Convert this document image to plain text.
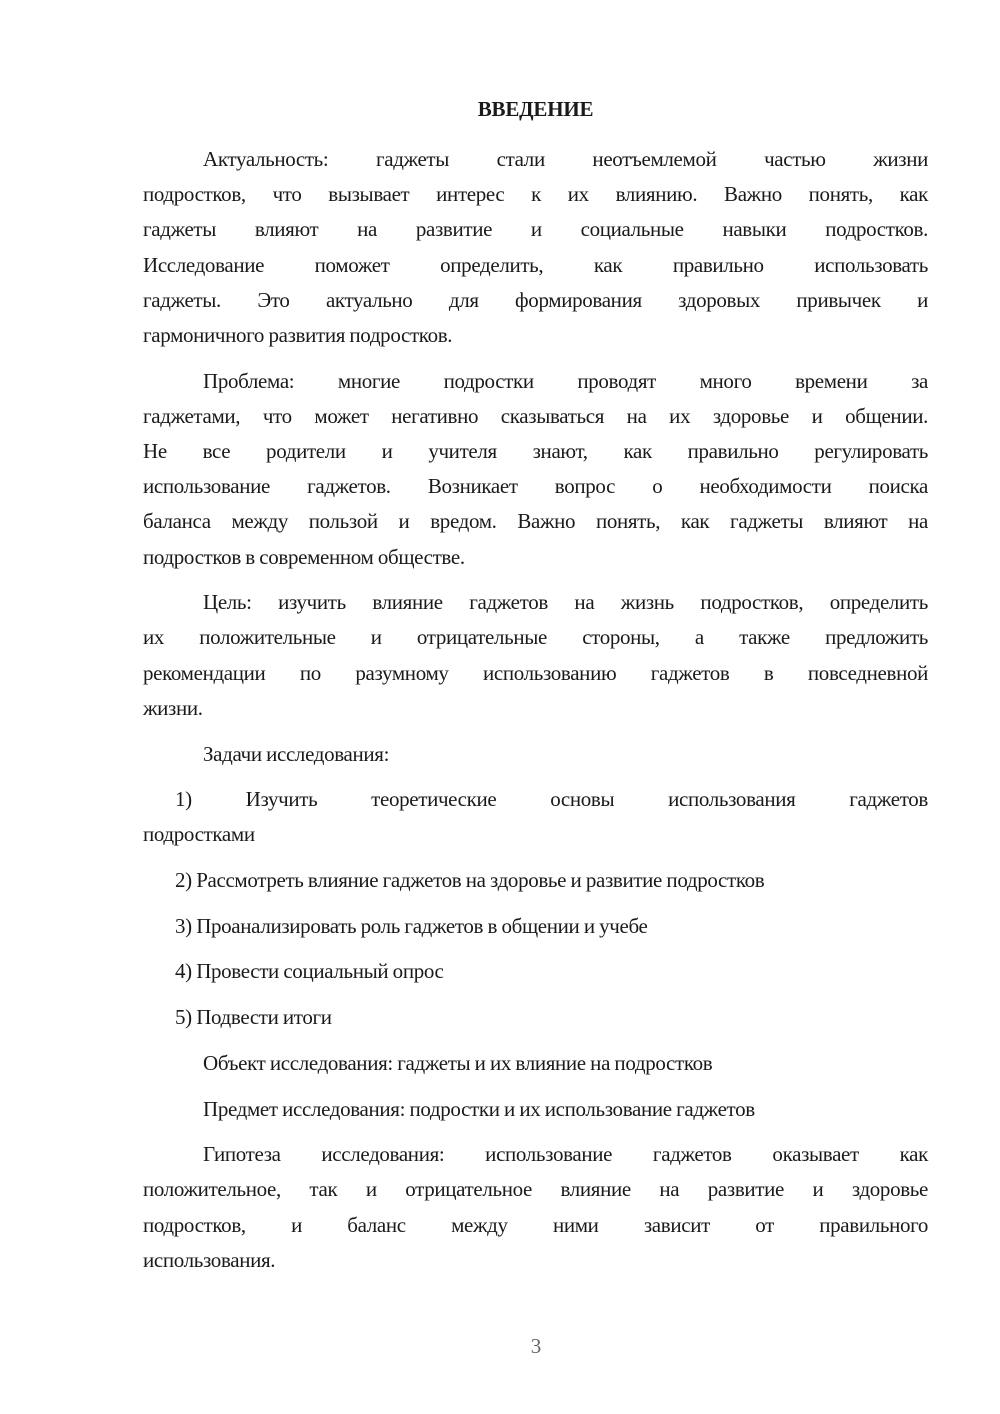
ВВЕДЕНИЕ
Актуальность: гаджеты стали неотъемлемой частью жизни
подростков, что вызывает интерес к их влиянию. Важно понять, как
гаджеты влияют на развитие и социальные навыки подростков.
Исследование поможет определить, как правильно использовать
гаджеты. Это актуально для формирования здоровых привычек и
гармоничного развития подростков.
Проблема: многие подростки проводят много времени за
гаджетами, что может негативно сказываться на их здоровье и общении.
Не все родители и учителя знают, как правильно регулировать
использование гаджетов. Возникает вопрос о необходимости поиска
баланса между пользой и вредом. Важно понять, как гаджеты влияют на
подростков в современном обществе.
Цель: изучить влияние гаджетов на жизнь подростков, определить
их положительные и отрицательные стороны, а также предложить
рекомендации по разумному использованию гаджетов в повседневной
жизни.
Задачи исследования:
1) Изучить теоретические основы использования гаджетов
подростками
2) Рассмотреть влияние гаджетов на здоровье и развитие подростков
3) Проанализировать роль гаджетов в общении и учебе
4) Провести социальный опрос
5) Подвести итоги
Объект исследования: гаджеты и их влияние на подростков
Предмет исследования: подростки и их использование гаджетов
Гипотеза исследования: использование гаджетов оказывает как
положительное, так и отрицательное влияние на развитие и здоровье
подростков, и баланс между ними зависит от правильного
использования.
3
